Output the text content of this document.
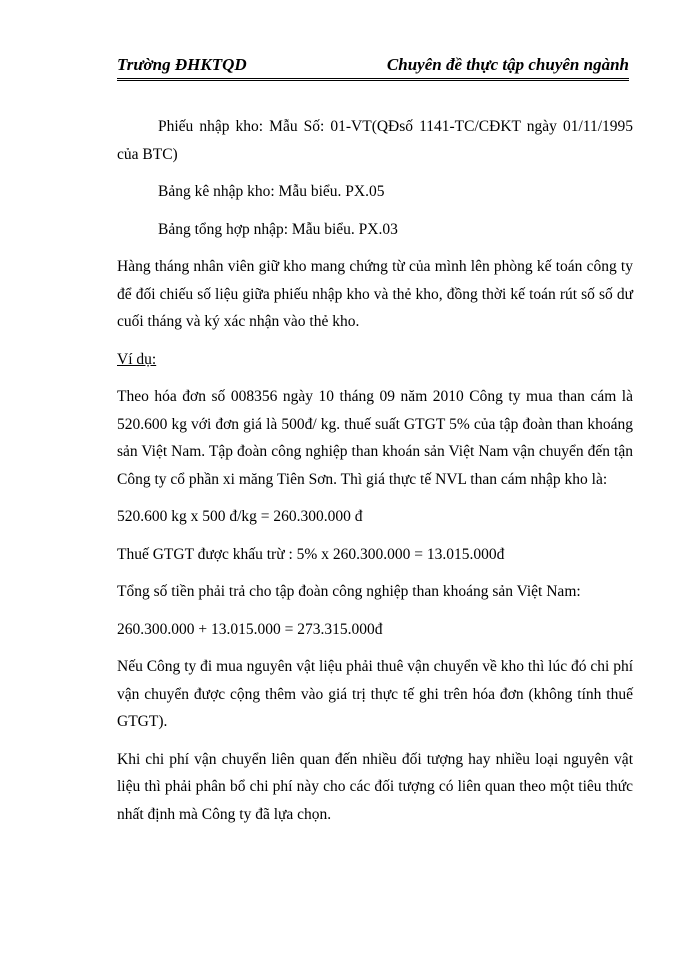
Trường ĐHKTQD	Chuyên đề thực tập chuyên ngành

Phiếu nhập kho: Mẫu Số: 01-VT(QĐsố 1141-TC/CĐKT ngày 01/11/1995 của BTC)

Bảng kê nhập kho: Mẫu biểu. PX.05

Bảng tổng hợp nhập: Mẫu biểu. PX.03

Hàng tháng nhân viên giữ kho mang chứng từ của mình lên phòng kế toán công ty để đối chiếu số liệu giữa phiếu nhập kho và thẻ kho, đồng thời kế toán rút số số dư cuối tháng và ký xác nhận vào thẻ kho.

Ví dụ:

Theo hóa đơn số 008356 ngày 10 tháng 09 năm 2010 Công ty mua than cám là 520.600 kg với đơn giá là 500đ/ kg. thuế suất GTGT 5% của tập đoàn than khoáng sản Việt Nam. Tập đoàn công nghiệp than khoán sản Việt Nam vận chuyển đến tận Công ty cổ phần xi măng Tiên Sơn. Thì giá thực tế NVL than cám nhập kho là:

520.600 kg x 500 đ/kg = 260.300.000 đ

Thuế GTGT được khấu trừ : 5% x 260.300.000 = 13.015.000đ

Tổng số tiền phải trả cho tập đoàn công nghiệp than khoáng sản Việt Nam:

260.300.000 + 13.015.000 = 273.315.000đ

Nếu Công ty đi mua nguyên vật liệu phải thuê vận chuyển về kho thì lúc đó chi phí vận chuyển được cộng thêm vào giá trị thực tế ghi trên hóa đơn (không tính thuế GTGT).

Khi chi phí vận chuyển liên quan đến nhiều đối tượng hay nhiều loại nguyên vật liệu thì phải phân bổ chi phí này cho các đối tượng có liên quan theo một tiêu thức nhất định mà Công ty đã lựa chọn.
